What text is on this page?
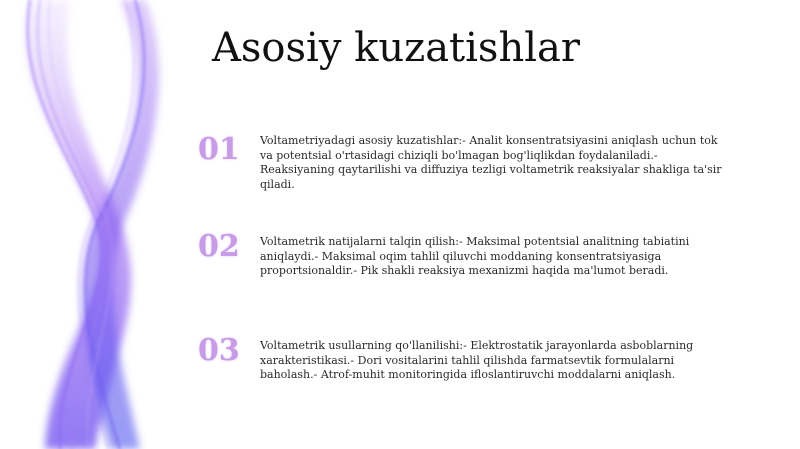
Asosiy kuzatishlar
01	Voltametriyadagi asosiy kuzatishlar:- Analit konsentratsiyasini aniqlash uchun tok va potentsial o'rtasidagi chiziqli bo'lmagan bog'liqlikdan foydalaniladi.- Reaksiyaning qaytarilishi va diffuziya tezligi voltametrik reaksiyalar shakliga ta'sir qiladi.

02	Voltametrik natijalarni talqin qilish:- Maksimal potentsial analitning tabiatini aniqlaydi.- Maksimal oqim tahlil qiluvchi moddaning konsentratsiyasiga proportsionaldir.- Pik shakli reaksiya mexanizmi haqida ma'lumot beradi.

03	Voltametrik usullarning qo'llanilishi:- Elektrostatik jarayonlarda asboblarning xarakteristikasi.- Dori vositalarini tahlil qilishda farmatsevtik formulalarni baholash.- Atrof-muhit monitoringida ifloslantiruvchi moddalarni aniqlash.
